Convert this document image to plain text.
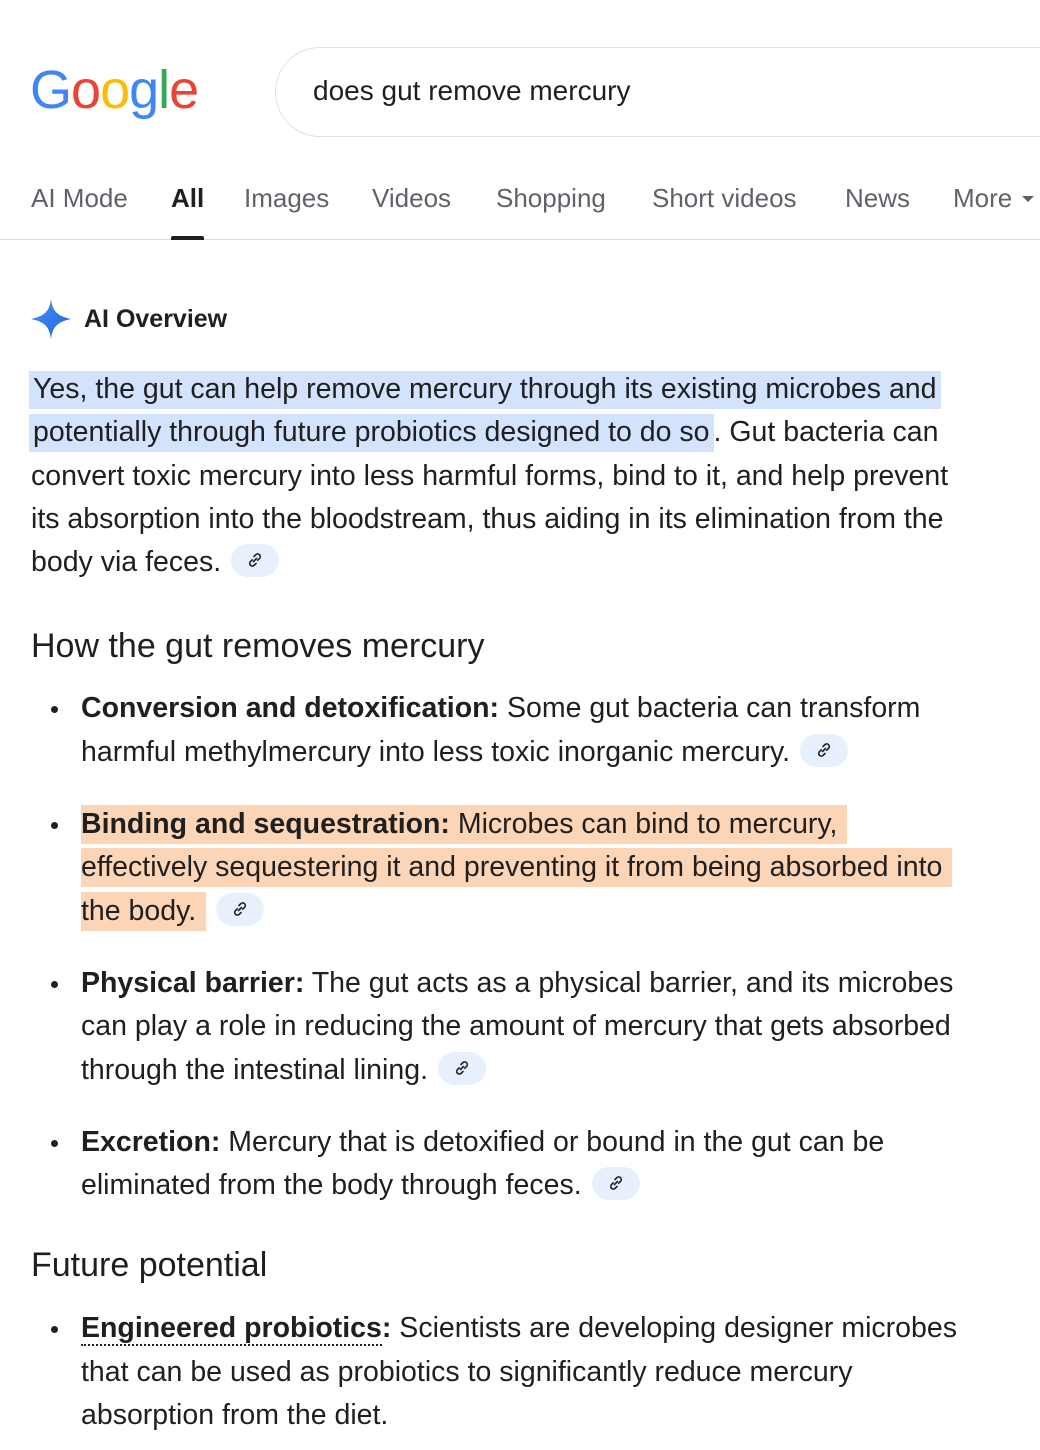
Google	does gut remove mercury
AI Mode All Images Videos Shopping Short videos News More
AI Overview

Yes, the gut can help remove mercury through its existing microbes and potentially through future probiotics designed to do so . Gut bacteria can convert toxic mercury into less harmful forms, bind to it, and help prevent its absorption into the bloodstream, thus aiding in its elimination from the body via feces.

How the gut removes mercury
Conversion and detoxification: Some gut bacteria can transform harmful methylmercury into less toxic inorganic mercury.
Binding and sequestration: Microbes can bind to mercury, effectively sequestering it and preventing it from being absorbed into the body.
Physical barrier: The gut acts as a physical barrier, and its microbes can play a role in reducing the amount of mercury that gets absorbed through the intestinal lining.
Excretion: Mercury that is detoxified or bound in the gut can be eliminated from the body through feces.
Future potential
Engineered probiotics: Scientists are developing designer microbes that can be used as probiotics to significantly reduce mercury absorption from the diet.
